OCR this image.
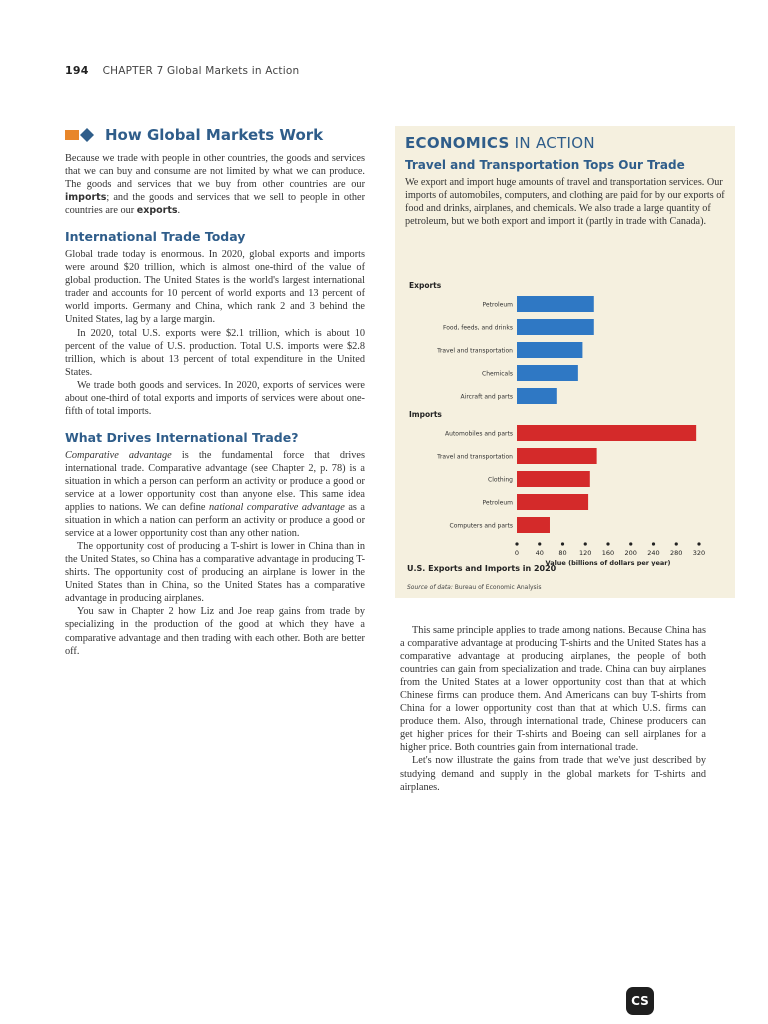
194 CHAPTER 7 Global Markets in Action
How Global Markets Work

Because we trade with people in other countries, the goods and services that we can buy and consume are not limited by what we can produce. The goods and services that we buy from other countries are our imports; and the goods and services that we sell to people in other countries are our exports.

International Trade Today

Global trade today is enormous. In 2020, global exports and imports were around $20 trillion, which is almost one-third of the value of global production. The United States is the world's largest international trader and accounts for 10 percent of world exports and 13 percent of world imports. Germany and China, which rank 2 and 3 behind the United States, lag by a large margin.

In 2020, total U.S. exports were $2.1 trillion, which is about 10 percent of the value of U.S. production. Total U.S. imports were $2.8 trillion, which is about 13 percent of total expenditure in the United States.

We trade both goods and services. In 2020, exports of services were about one-third of total exports and imports of services were about one-fifth of total imports.

What Drives International Trade?

Comparative advantage is the fundamental force that drives international trade. Comparative advantage (see Chapter 2, p. 78) is a situation in which a person can perform an activity or produce a good or service at a lower opportunity cost than anyone else. This same idea applies to nations. We can define national comparative advantage as a situation in which a nation can perform an activity or produce a good or service at a lower opportunity cost than any other nation.

The opportunity cost of producing a T-shirt is lower in China than in the United States, so China has a comparative advantage in producing T-shirts. The opportunity cost of producing an airplane is lower in the United States than in China, so the United States has a comparative advantage in producing airplanes.

You saw in Chapter 2 how Liz and Joe reap gains from trade by specializing in the production of the good at which they have a comparative advantage and then trading with each other. Both are better off.

ECONOMICS IN ACTION
Travel and Transportation Tops Our Trade

We export and import huge amounts of travel and transportation services. Our imports of automobiles, computers, and clothing are paid for by our exports of food and drinks, airplanes, and chemicals. We also trade a large quantity of petroleum, but we both export and import it (partly in trade with Canada).

Exports
Petroleum
Food, feeds, and drinks
Travel and transportation
Chemicals
Aircraft and parts
Imports
Automobiles and parts
Travel and transportation
Clothing
Petroleum
Computers and parts
0	40 80 120 160 200 240 280 320
Value (billions of dollars per year)
U.S. Exports and Imports in 2020
Source of data: Bureau of Economic Analysis

This same principle applies to trade among nations. Because China has a comparative advantage at producing T-shirts and the United States has a comparative advantage at producing airplanes, the people of both countries can gain from specialization and trade. China can buy airplanes from the United States at a lower opportunity cost than that at which Chinese firms can produce them. And Americans can buy T-shirts from China for a lower opportunity cost than that at which U.S. firms can produce them. Also, through international trade, Chinese producers can get higher prices for their T-shirts and Boeing can sell airplanes for a higher price. Both countries gain from international trade.

Let's now illustrate the gains from trade that we've just described by studying demand and supply in the global markets for T-shirts and airplanes.

CS
